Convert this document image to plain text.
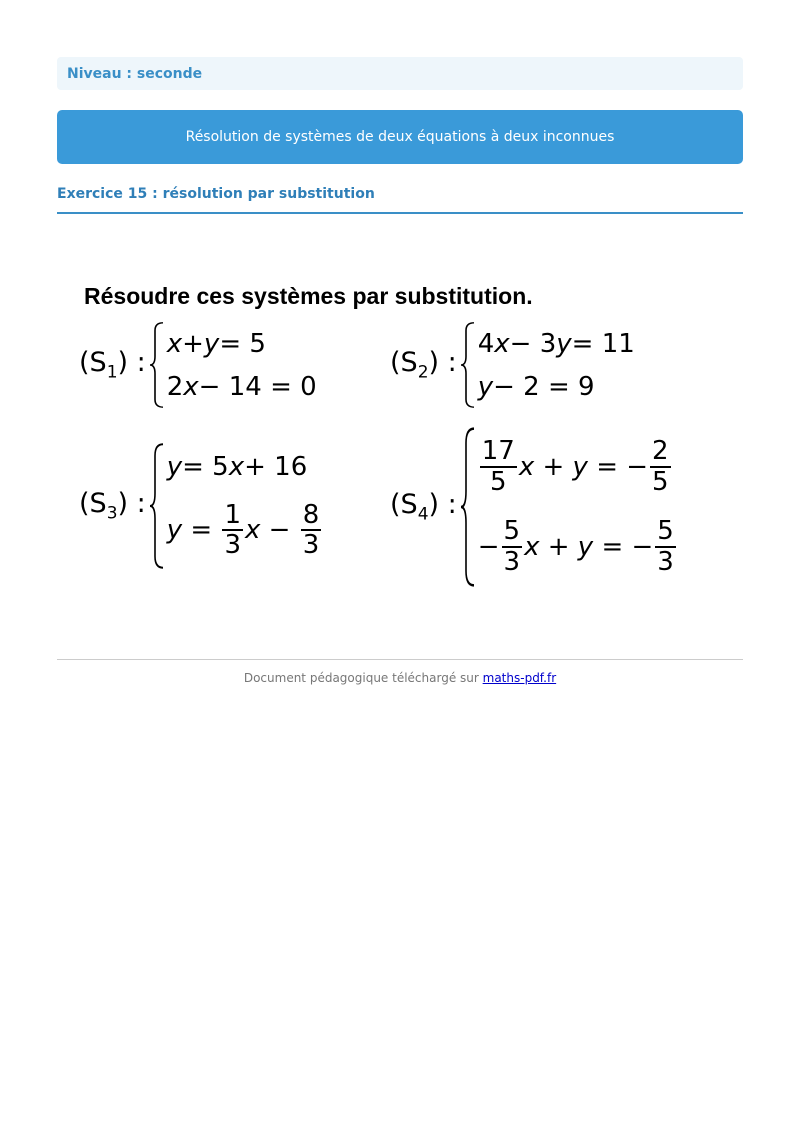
Niveau : seconde
Résolution de systèmes de deux équations à deux inconnues
Exercice 15 : résolution par substitution
Résoudre ces systèmes par substitution.
$(S_1)$ :
x + y = 5
2 x − 14 = 0
$(S_2)$ :
4 x − 3 y = 11
y − 2 = 9
$(S_3)$ :
y = 5 x + 16
$y = \frac{1}{3}$ $x - \frac{8}{3}$	$(S_4)$ :
$\frac{17}{5}$ x + y = − $\frac{2}{5}$
− $\frac{5}{3}$ x + y = − $\frac{5}{3}$
Document pédagogique téléchargé sur maths-pdf.fr
